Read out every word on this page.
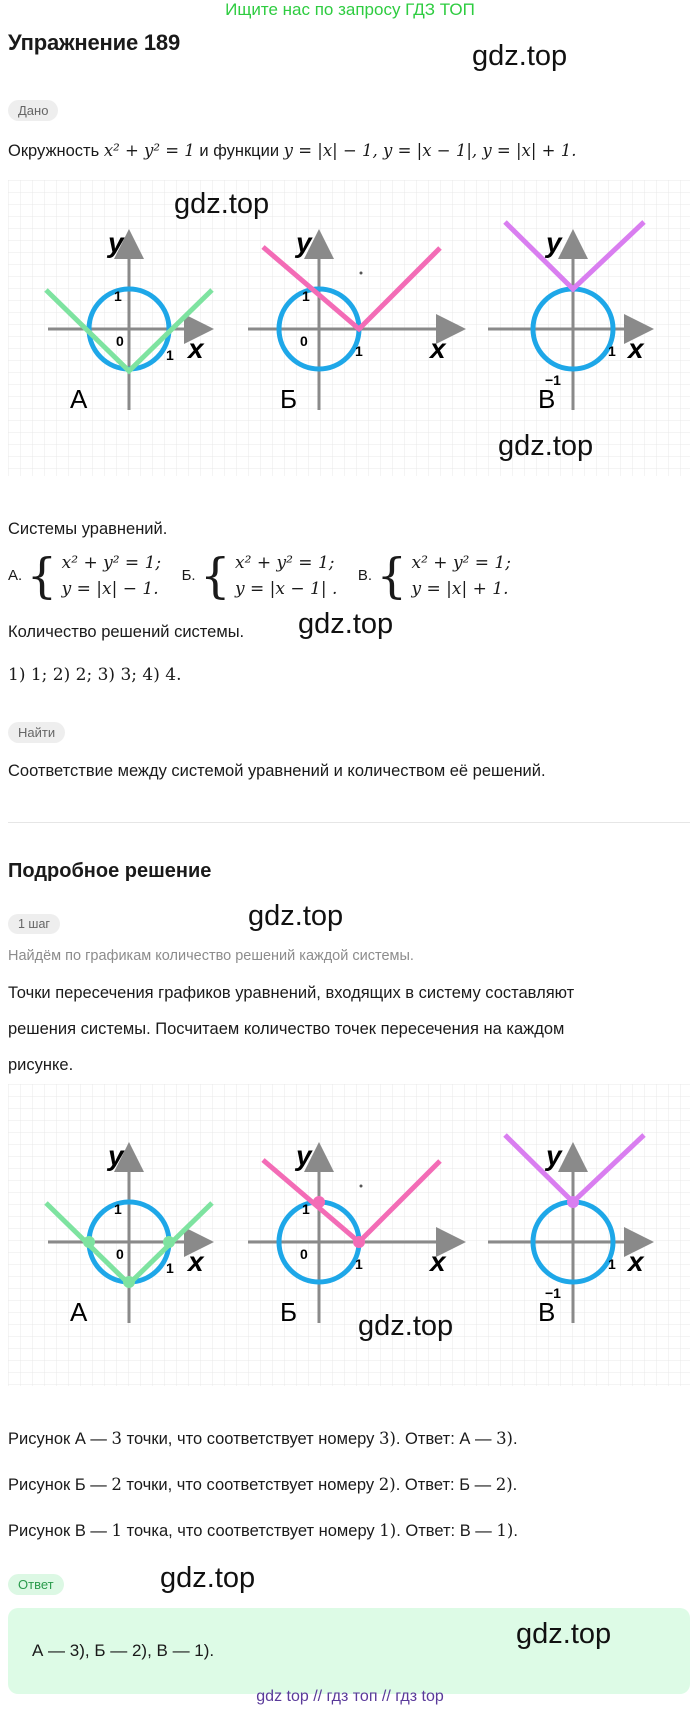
Ищите нас по запросу ГДЗ ТОП
Упражнение 189	gdz.top
Дано
Окружность x² + y² = 1 и функции y = |x| − 1, y = |x − 1|, y = |x| + 1.
y
x
1
0
1
A
y
x
1
0
1
Б
y
x
1
−1
В
gdz.top
gdz.top
Системы уравнений.
А. { x² + y² = 1;
y = |x| − 1.
Б. { x² + y² = 1;
y = |x − 1| .
В. { x² + y² = 1;
y = |x| + 1.
Количество решений системы. gdz.top
1) 1; 2) 2; 3) 3; 4) 4.
Найти
Соответствие между системой уравнений и количеством её решений.
Подробное решение
1 шаг	gdz.top
Найдём по графикам количество решений каждой системы.
Точки пересечения графиков уравнений, входящих в систему составляют
решения системы. Посчитаем количество точек пересечения на каждом
рисунке.
y
x
1
0
1
A
y
x
1
0
1
Б
y
x
1
−1
В
gdz.top
Рисунок А — 3 точки, что соответствует номеру 3). Ответ: А — 3).
Рисунок Б — 2 точки, что соответствует номеру 2). Ответ: Б — 2).
Рисунок В — 1 точка, что соответствует номеру 1). Ответ: В — 1).
Ответ	gdz.top
А — 3), Б — 2), В — 1).
gdz.top
gdz top // гдз топ // гдз top
